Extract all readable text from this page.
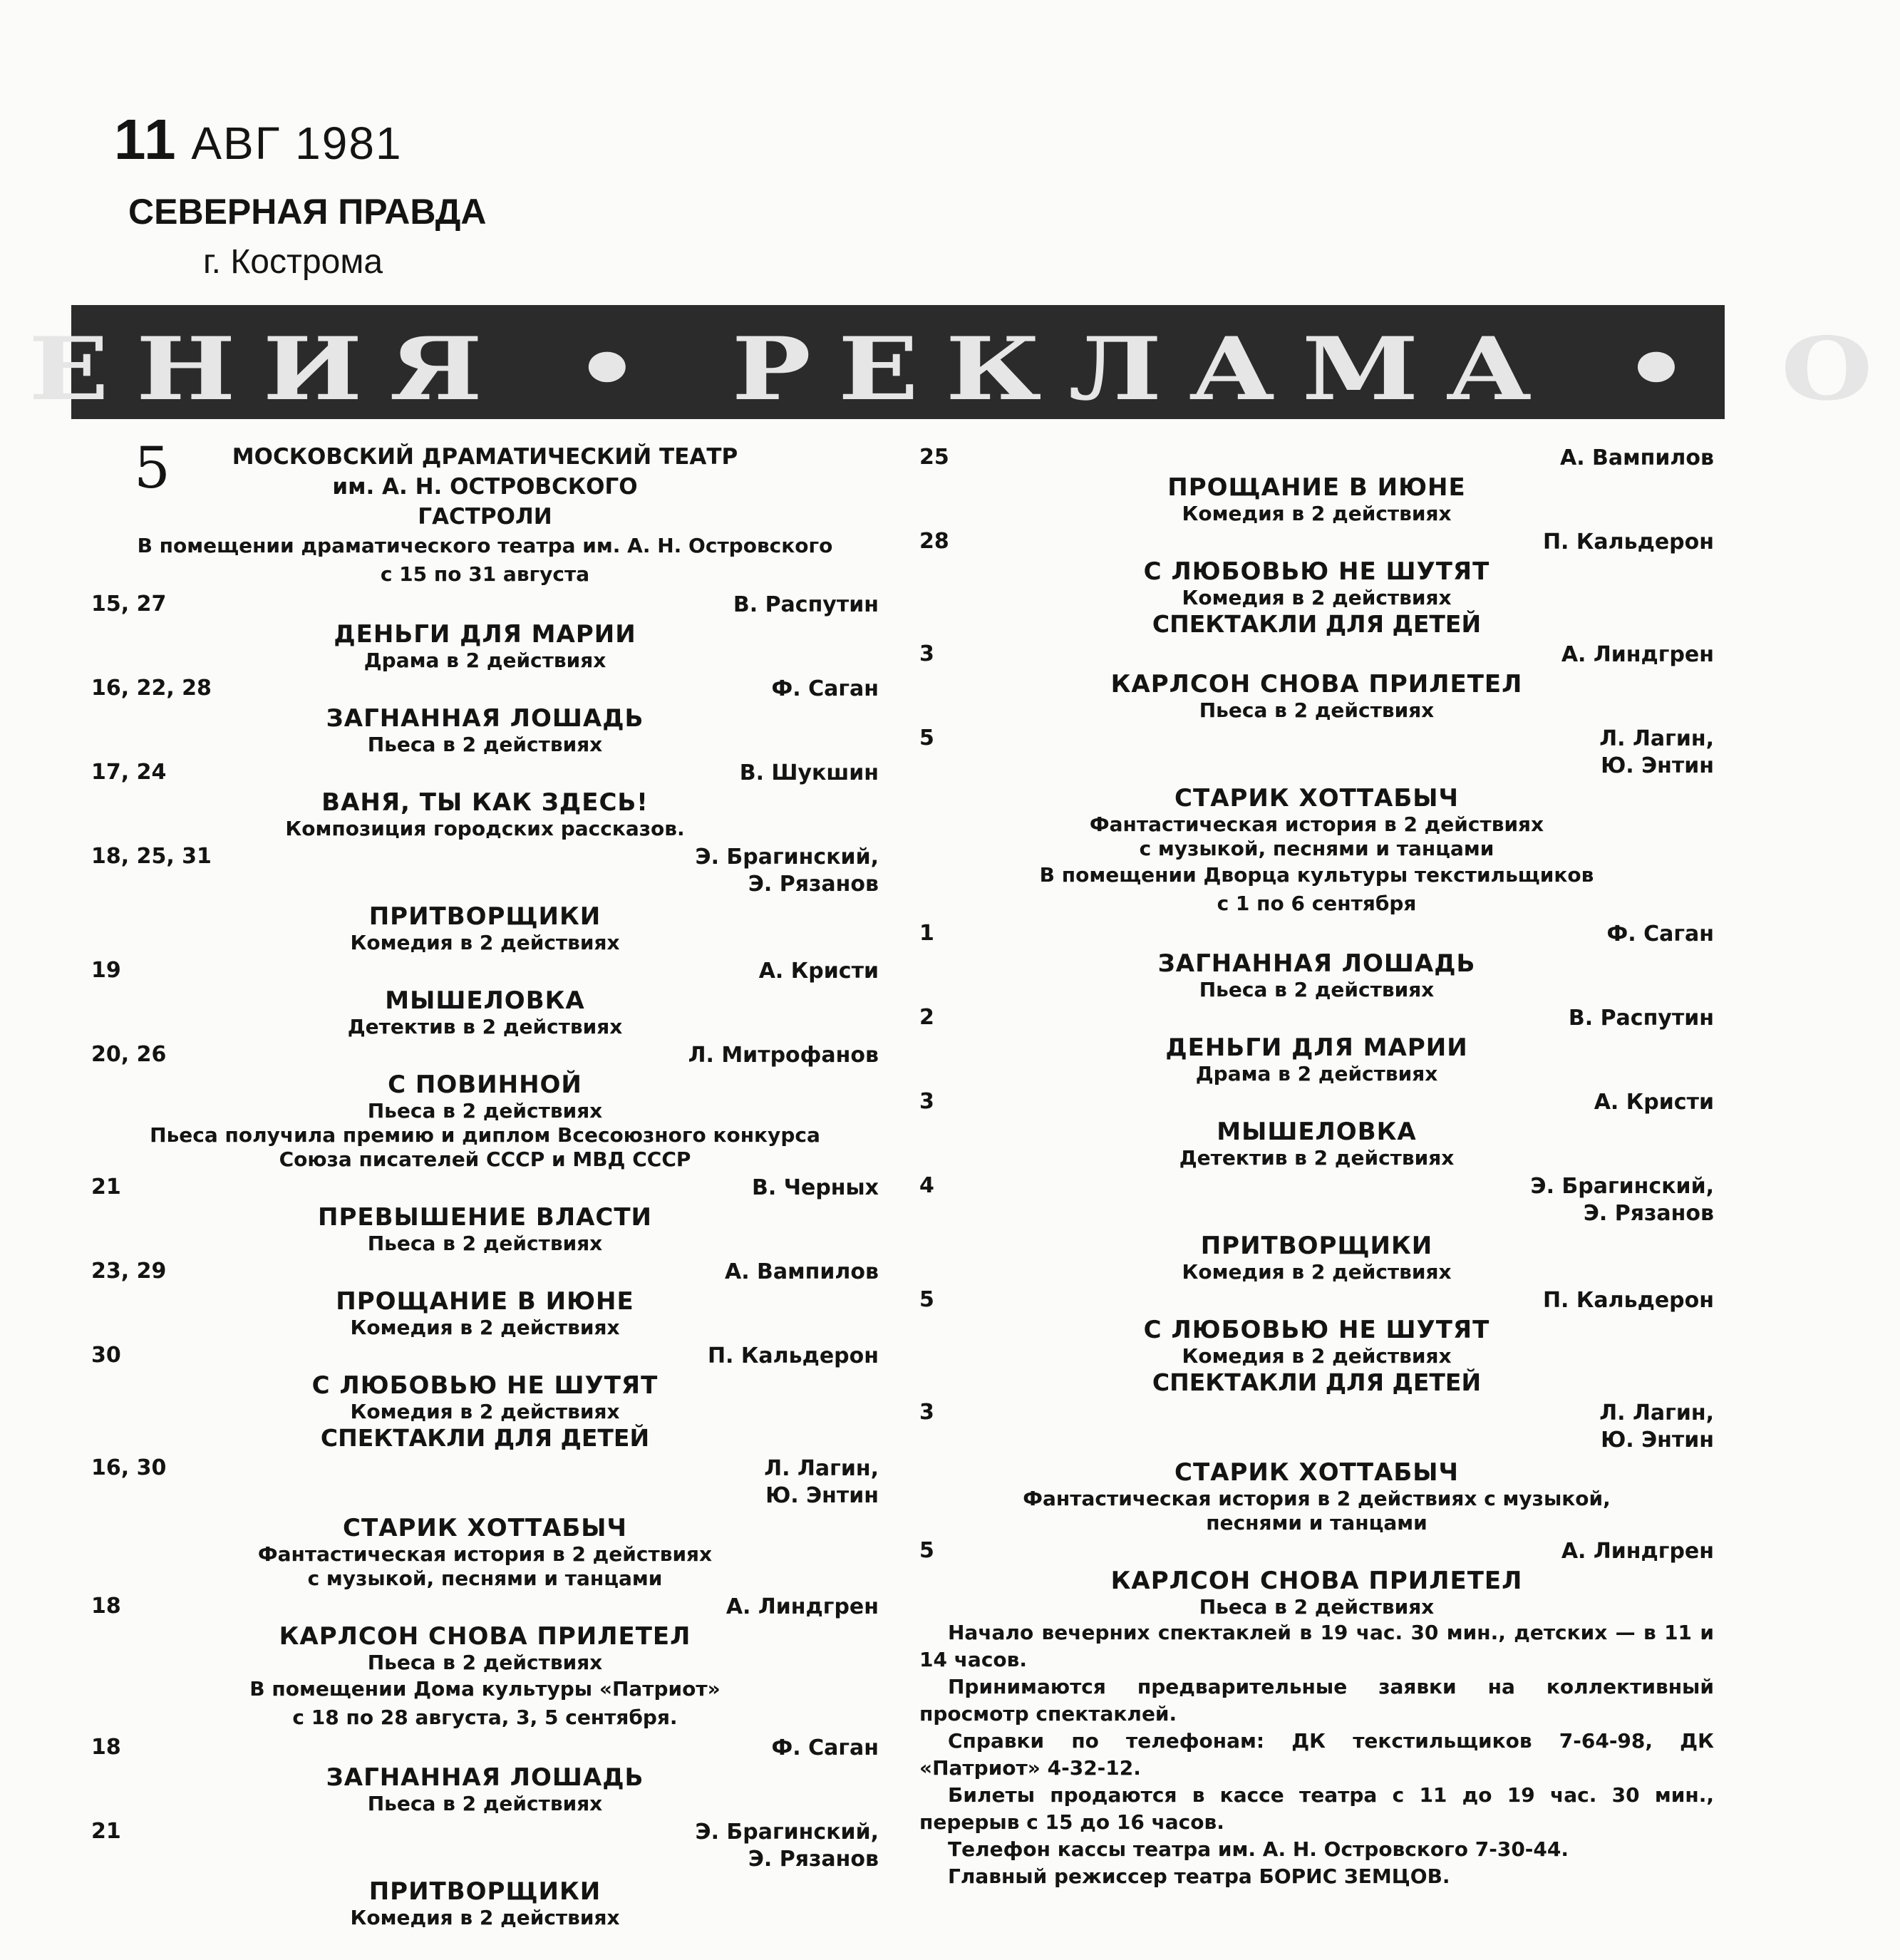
11 АВГ 1981
СЕВЕРНАЯ ПРАВДА
г. Кострома
ЕНИЯ • РЕКЛАМА • О
5	МОСКОВСКИЙ ДРАМАТИЧЕСКИЙ ТЕАТР
им. А. Н. ОСТРОВСКОГО
ГАСТРОЛИ
В помещении драматического театра им. А. Н. Островского
с 15 по 31 августа
15, 27	В. Распутин
ДЕНЬГИ ДЛЯ МАРИИ
Драма в 2 действиях
16, 22, 28	Ф. Саган
ЗАГНАННАЯ ЛОШАДЬ
Пьеса в 2 действиях
17, 24	В. Шукшин
ВАНЯ, ТЫ КАК ЗДЕСЬ!
Композиция городских рассказов.
18, 25, 31	Э. Брагинский,
Э. Рязанов
ПРИТВОРЩИКИ
Комедия в 2 действиях
19	А. Кристи
МЫШЕЛОВКА
Детектив в 2 действиях
20, 26	Л. Митрофанов
С ПОВИННОЙ
Пьеса в 2 действиях
Пьеса получила премию и диплом Всесоюзного конкурса
Союза писателей СССР и МВД СССР
21	В. Черных
ПРЕВЫШЕНИЕ ВЛАСТИ
Пьеса в 2 действиях
23, 29	А. Вампилов
ПРОЩАНИЕ В ИЮНЕ
Комедия в 2 действиях
30	П. Кальдерон
С ЛЮБОВЬЮ НЕ ШУТЯТ
Комедия в 2 действиях
СПЕКТАКЛИ ДЛЯ ДЕТЕЙ
16, 30	Л. Лагин,
Ю. Энтин
СТАРИК ХОТТАБЫЧ
Фантастическая история в 2 действиях
с музыкой, песнями и танцами
18	А. Линдгрен
КАРЛСОН СНОВА ПРИЛЕТЕЛ
Пьеса в 2 действиях
В помещении Дома культуры «Патриот»
с 18 по 28 августа, 3, 5 сентября.
18	Ф. Саган
ЗАГНАННАЯ ЛОШАДЬ
Пьеса в 2 действиях
21	Э. Брагинский,
Э. Рязанов
ПРИТВОРЩИКИ
Комедия в 2 действиях
25	А. Вампилов
ПРОЩАНИЕ В ИЮНЕ
Комедия в 2 действиях
28	П. Кальдерон
С ЛЮБОВЬЮ НЕ ШУТЯТ
Комедия в 2 действиях
СПЕКТАКЛИ ДЛЯ ДЕТЕЙ
3	А. Линдгрен
КАРЛСОН СНОВА ПРИЛЕТЕЛ
Пьеса в 2 действиях
5	Л. Лагин,
Ю. Энтин
СТАРИК ХОТТАБЫЧ
Фантастическая история в 2 действиях
с музыкой, песнями и танцами
В помещении Дворца культуры текстильщиков
с 1 по 6 сентября
1	Ф. Саган
ЗАГНАННАЯ ЛОШАДЬ
Пьеса в 2 действиях
2	В. Распутин
ДЕНЬГИ ДЛЯ МАРИИ
Драма в 2 действиях
3	А. Кристи
МЫШЕЛОВКА
Детектив в 2 действиях
4	Э. Брагинский,
Э. Рязанов
ПРИТВОРЩИКИ
Комедия в 2 действиях
5	П. Кальдерон
С ЛЮБОВЬЮ НЕ ШУТЯТ
Комедия в 2 действиях
СПЕКТАКЛИ ДЛЯ ДЕТЕЙ
3	Л. Лагин,
Ю. Энтин
СТАРИК ХОТТАБЫЧ
Фантастическая история в 2 действиях с музыкой,
песнями и танцами
5	А. Линдгрен
КАРЛСОН СНОВА ПРИЛЕТЕЛ
Пьеса в 2 действиях
Начало вечерних спектаклей в 19 час. 30 мин., детских — в 11 и 14 часов.
Принимаются предварительные заявки на коллективный просмотр спектаклей.
Справки по телефонам: ДК текстильщиков 7-64-98, ДК «Патриот» 4-32-12.
Билеты продаются в кассе театра с 11 до 19 час. 30 мин., перерыв с 15 до 16 часов.
Телефон кассы театра им. А. Н. Островского 7-30-44.
Главный режиссер театра БОРИС ЗЕМЦОВ.
